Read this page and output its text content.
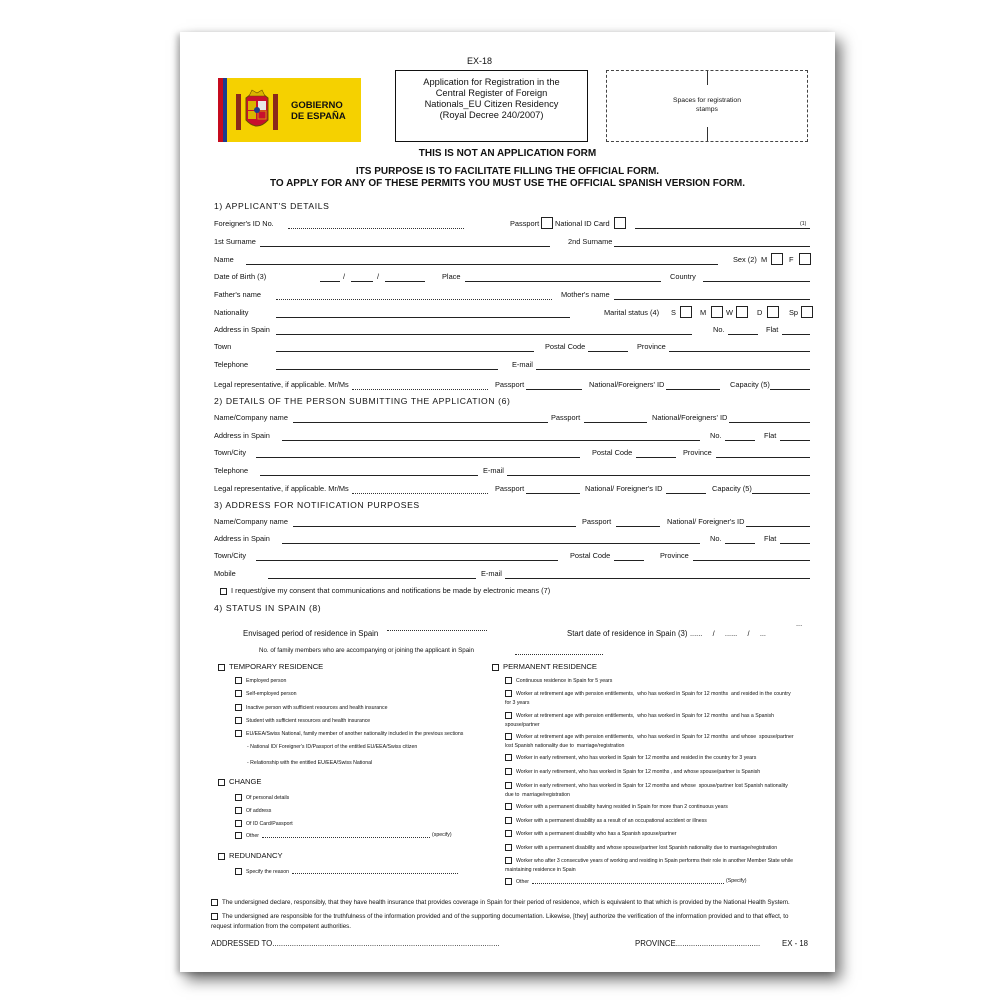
EX-18
GOBIERNO
DE ESPAÑA
Application for Registration in the
Central Register of Foreign
Nationals_EU Citizen Residency
(Royal Decree 240/2007)
Spaces for registration
stamps
THIS IS NOT AN APPLICATION FORM
ITS PURPOSE IS TO FACILITATE FILLING THE OFFICIAL FORM.
TO APPLY FOR ANY OF THESE PERMITS YOU MUST USE THE OFFICIAL SPANISH VERSION FORM.
1) APPLICANT'S DETAILS
Foreigner's ID No.	Passport National ID Card	(1)
1st Surname	2nd Surname
Name	Sex (2) M	F
Date of Birth (3)	/	/	Place	Country
Father's name	Mother's name
Nationality	Marital status (4) S	M	W	D	Sp
Address in Spain	No.	Flat
Town	Postal Code	Province
Telephone	E-mail
Legal representative, if applicable. Mr/Ms	Passport	National/Foreigners' ID	Capacity (5)
2) DETAILS OF THE PERSON SUBMITTING THE APPLICATION (6)
Name/Company name	Passport	National/Foreigners' ID
Address in Spain	No.	Flat
Town/City	Postal Code	Province
Telephone	E-mail
Legal representative, if applicable. Mr/Ms	Passport	National/ Foreigner's ID	Capacity (5)
3) ADDRESS FOR NOTIFICATION PURPOSES
Name/Company name	Passport	National/ Foreigner's ID
Address in Spain	No.	Flat
Town/City	Postal Code	Province
Mobile	E-mail
I request/give my consent that communications and notifications be made by electronic means (7)
4) STATUS IN SPAIN (8)
Envisaged period of residence in Spain	Start date of residence in Spain (3) ......     /     ......     /     ...
...
No. of family members who are accompanying or joining the applicant in Spain
TEMPORARY RESIDENCE
Employed person
Self-employed person
Inactive person with sufficient resources and health insurance
Student with sufficient resources and health insurance
EU/EEA/Swiss National, family member of another nationality included in the previous sections
- National ID/ Foreigner's ID/Passport of the entitled EU/EEA/Swiss citizen
- Relationship with the entitled EU/EEA/Swiss National
CHANGE
Of personal details
Of address
Of ID Card/Passport
Other	(specify)
REDUNDANCY
Specify the reason
PERMANENT RESIDENCE
Continuous residence in Spain for 5 years
Worker at retirement age with pension entitlements,  who has worked in Spain for 12 months  and resided in the country
for 3 years
Worker at retirement age with pension entitlements,  who has worked in Spain for 12 months  and has a Spanish
spouse/partner
Worker at retirement age with pension entitlements,  who has worked in Spain for 12 months  and whose  spouse/partner
lost Spanish nationality due to  marriage/registration
Worker in early retirement, who has worked in Spain for 12 months and resided in the country for 3 years
Worker in early retirement, who has worked in Spain for 12 months , and whose spouse/partner is Spanish
Worker in early retirement, who has worked in Spain for 12 months and whose  spouse/partner lost Spanish nationality
due to  marriage/registration
Worker with a permanent disability having resided in Spain for more than 2 continuous years
Worker with a permanent disability as a result of an occupational accident or illness
Worker with a permanent disability who has a Spanish spouse/partner
Worker with a permanent disability and whose spouse/partner lost Spanish nationality due to marriage/registration
Worker who after 3 consecutive years of working and residing in Spain performs their role in another Member State while
maintaining residence in Spain
Other	(Specify)
The undersigned declare, responsibly, that they have health insurance that provides coverage in Spain for their period of residence, which is equivalent to that which is provided by the National Health System.
The undersigned are responsible for the truthfulness of the information provided and of the supporting documentation. Likewise, [they] authorize the verification of the information provided and to that effect, to
request information from the competent authorities.
ADDRESSED TO.........................................................................................................	PROVINCE.......................................	EX - 18
